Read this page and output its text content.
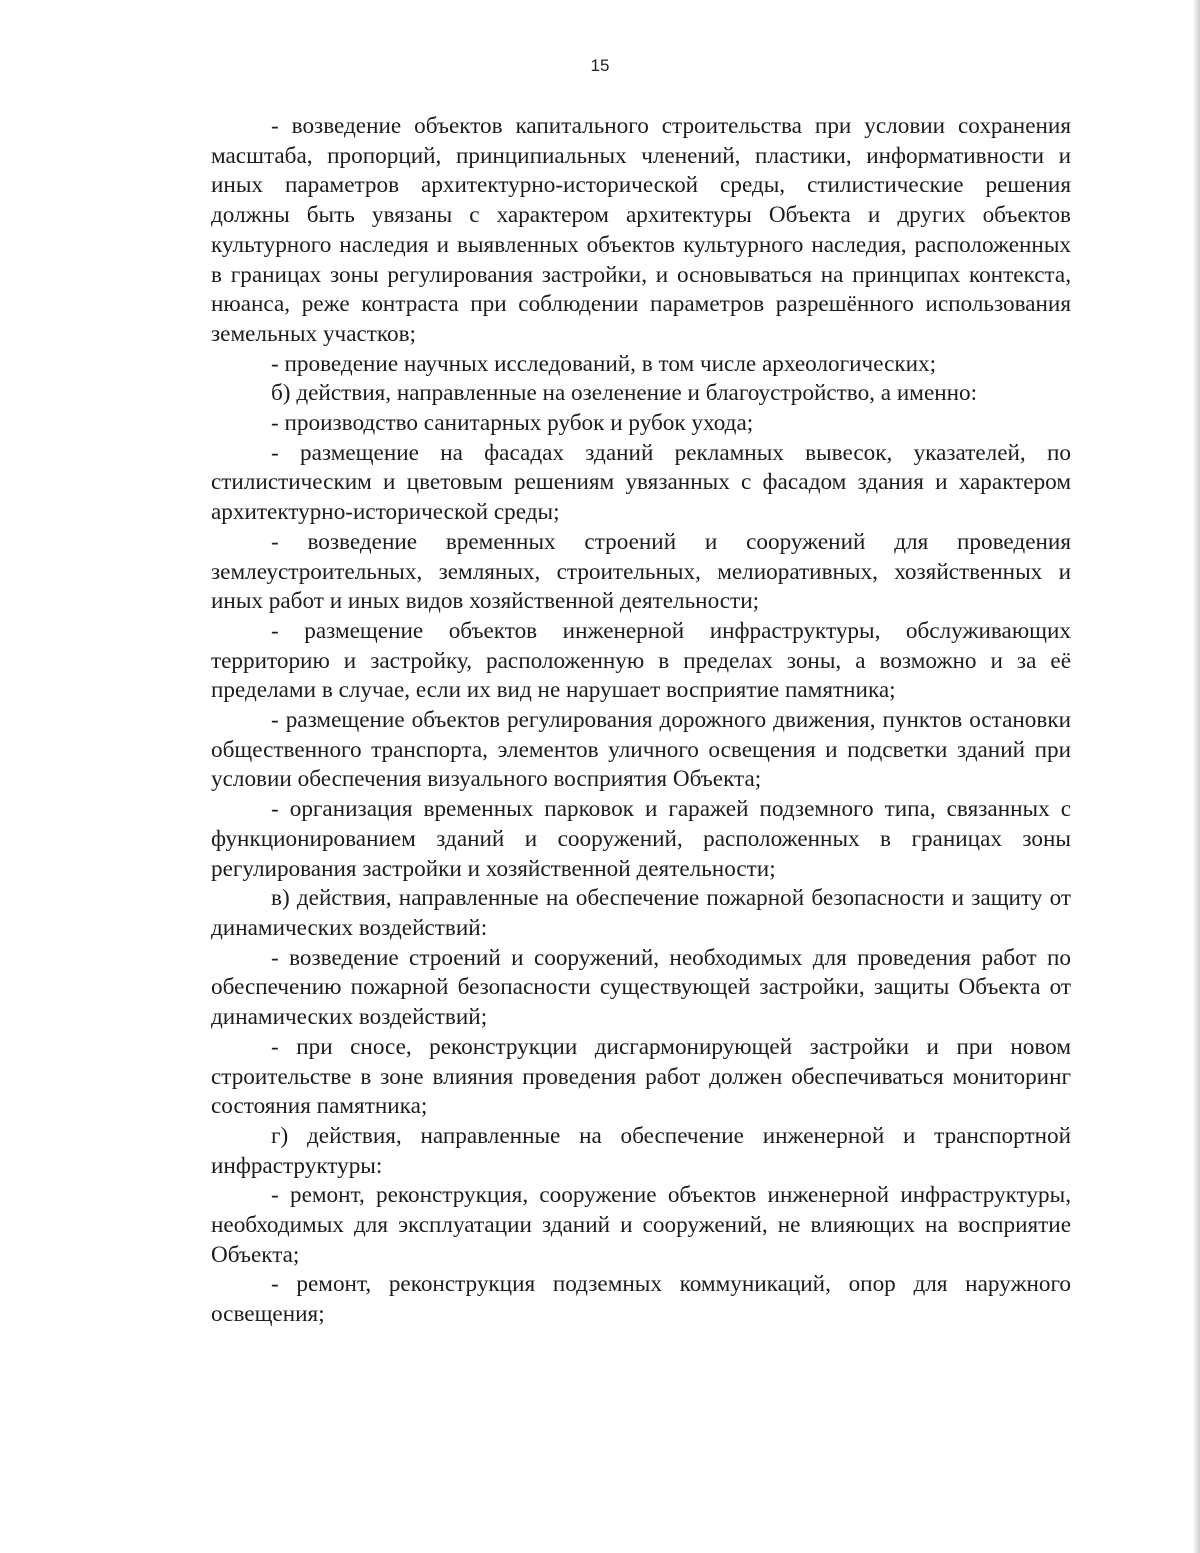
15

- возведение объектов капитального строительства при условии сохранения масштаба, пропорций, принципиальных членений, пластики, информативности и иных параметров архитектурно-исторической среды, стилистические решения должны быть увязаны с характером архитектуры Объекта и других объектов культурного наследия и выявленных объектов культурного наследия, расположенных в границах зоны регулирования застройки, и основываться на принципах контекста, нюанса, реже контраста при соблюдении параметров разрешённого использования земельных участков;

- проведение научных исследований, в том числе археологических;

б) действия, направленные на озеленение и благоустройство, а именно:

- производство санитарных рубок и рубок ухода;

- размещение на фасадах зданий рекламных вывесок, указателей, по стилистическим и цветовым решениям увязанных с фасадом здания и характером архитектурно-исторической среды;

- возведение временных строений и сооружений для проведения землеустроительных, земляных, строительных, мелиоративных, хозяйственных и иных работ и иных видов хозяйственной деятельности;

- размещение объектов инженерной инфраструктуры, обслуживающих территорию и застройку, расположенную в пределах зоны, а возможно и за её пределами в случае, если их вид не нарушает восприятие памятника;

- размещение объектов регулирования дорожного движения, пунктов остановки общественного транспорта, элементов уличного освещения и подсветки зданий при условии обеспечения визуального восприятия Объекта;

- организация временных парковок и гаражей подземного типа, связанных с функционированием зданий и сооружений, расположенных в границах зоны регулирования застройки и хозяйственной деятельности;

в) действия, направленные на обеспечение пожарной безопасности и защиту от динамических воздействий:

- возведение строений и сооружений, необходимых для проведения работ по обеспечению пожарной безопасности существующей застройки, защиты Объекта от динамических воздействий;

- при сносе, реконструкции дисгармонирующей застройки и при новом строительстве в зоне влияния проведения работ должен обеспечиваться мониторинг состояния памятника;

г) действия, направленные на обеспечение инженерной и транспортной инфраструктуры:

- ремонт, реконструкция, сооружение объектов инженерной инфраструктуры, необходимых для эксплуатации зданий и сооружений, не влияющих на восприятие Объекта;

- ремонт, реконструкция подземных коммуникаций, опор для наружного освещения;
